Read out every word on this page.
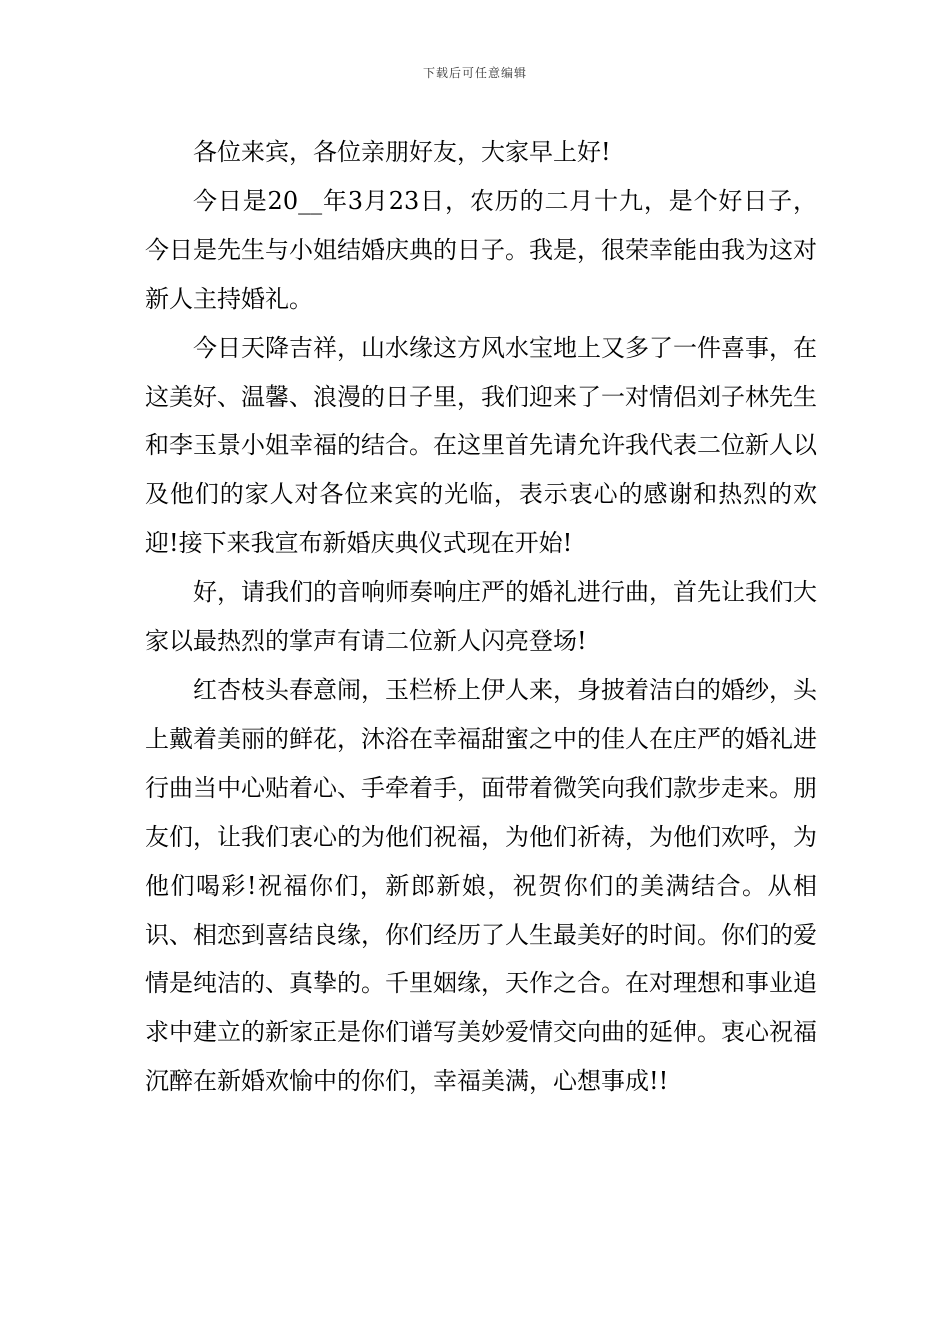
下载后可任意编辑

各位来宾，各位亲朋好友，大家早上好!

今日是20__年3月23日，农历的二月十九，是个好日子，今日是先生与小姐结婚庆典的日子。我是，很荣幸能由我为这对新人主持婚礼。

今日天降吉祥，山水缘这方风水宝地上又多了一件喜事，在这美好、温馨、浪漫的日子里，我们迎来了一对情侣刘子林先生和李玉景小姐幸福的结合。在这里首先请允许我代表二位新人以及他们的家人对各位来宾的光临，表示衷心的感谢和热烈的欢迎!接下来我宣布新婚庆典仪式现在开始!

好，请我们的音响师奏响庄严的婚礼进行曲，首先让我们大家以最热烈的掌声有请二位新人闪亮登场!

红杏枝头春意闹，玉栏桥上伊人来，身披着洁白的婚纱，头上戴着美丽的鲜花，沐浴在幸福甜蜜之中的佳人在庄严的婚礼进行曲当中心贴着心、手牵着手，面带着微笑向我们款步走来。朋友们，让我们衷心的为他们祝福，为他们祈祷，为他们欢呼，为他们喝彩!祝福你们，新郎新娘，祝贺你们的美满结合。从相识、相恋到喜结良缘，你们经历了人生最美好的时间。你们的爱情是纯洁的、真挚的。千里姻缘，天作之合。在对理想和事业追求中建立的新家正是你们谱写美妙爱情交向曲的延伸。衷心祝福沉醉在新婚欢愉中的你们，幸福美满，心想事成!!
